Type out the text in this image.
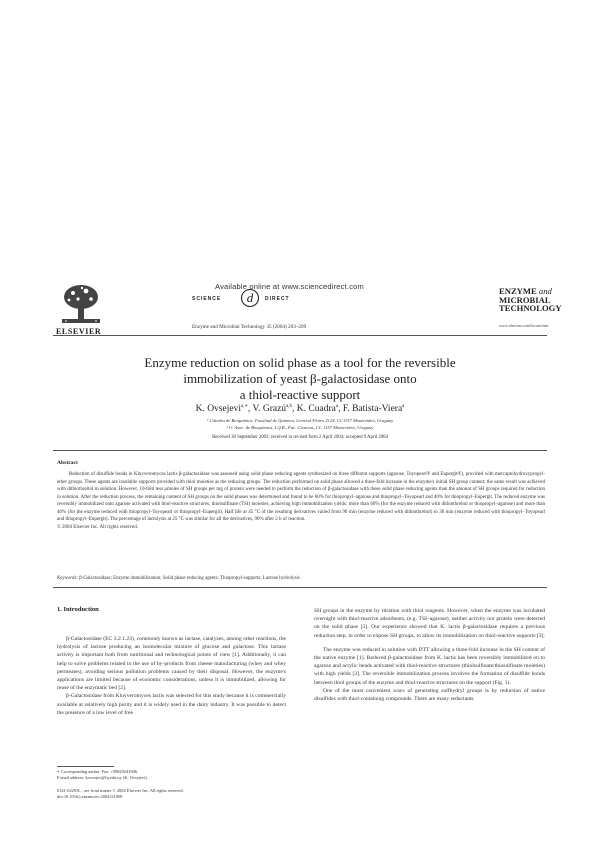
Available online at www.sciencedirect.com
SCIENCE d DIRECT
ELSEVIER	Enzyme and Microbial Technology 35 (2004) 203–209
ENZYME and
MICROBIAL
TECHNOLOGY
www.elsevier.com/locate/emt
Enzyme reduction on solid phase as a tool for the reversible
immobilization of yeast β-galactosidase onto
a thiol-reactive support
K. Ovsejevi$^{a,∗}$, V. Grazú$^{a,b}$, K. Cuadra$^a$, F. Batista-Viera$^a$
ᵃ Cátedra de Bioquímica, Facultad de Química, General Flores 2124, CC1157 Montevideo, Uruguay
ᵇ U. Asoc. de Bioquímica, I.Q.B., Fac. Ciencias, CC 1157 Montevideo, Uruguay
Received 30 September 2003; received in revised form 2 April 2004; accepted 9 April 2004
Abstract

Reduction of disulfide bonds in Kluyveromyces lactis β-galactosidase was assessed using solid phase reducing agents synthesized on three different supports (agarose, Toyopearl® and Eupergit®), provided with mercaptohydroxypropyl-ether groups. These agents are insoluble supports provided with thiol moieties as the reducing groups. The reduction performed on solid phase allowed a three-fold increase in the enzyme's initial SH group content; the same result was achieved with dithiothreitol in solution. However, 10-fold less μmoles of SH groups per mg of protein were needed to perform the reduction of β-galactosidase with these solid phase reducing agents than the amount of SH groups required for reduction in solution. After the reduction process, the remaining content of SH groups on the solid phases was determined and found to be 60% for thiopropyl–agarose and thiopropyl–Toyopearl and 40% for thiopropyl–Eupergit. The reduced enzyme was reversibly immobilized onto agarose activated with thiol-reactive structures, thiolsulfinate (TSI) moieties, achieving high immobilization yields: more than 60% (for the enzyme reduced with dithiothreitol or thiopropyl–agarose) and more than 40% (for the enzyme reduced with thiopropyl–Toyopearl or thiopropyl–Eupergit). Half life at 45 °C of the resulting derivatives varied from 90 min (enzyme reduced with dithiothreitol) to 30 min (enzyme reduced with thiopropyl–Toyopearl and thiopropyl–Eupergit). The percentage of lactolysis at 25 °C was similar for all the derivatives, 90% after 2 h of reaction.

© 2004 Elsevier Inc. All rights reserved.
Keywords: β-Galactosidase; Enzyme immobilization; Solid phase reducing agents; Thiopropyl-supports; Lactose hydrolysis
1. Introduction

β-Galactosidase (EC 3.2.1.23), commonly known as lactase, catalyzes, among other reactions, the hydrolysis of lactose producing an isomolecular mixture of glucose and galactose. This lactase activity is important both from nutritional and technological points of view [1]. Additionally, it can help to solve problems related to the use of by-products from cheese manufacturing (whey and whey permeates), avoiding serious pollution problems caused by their disposal. However, the enzyme's applications are limited because of economic considerations, unless it is immobilized, allowing for reuse of the enzymatic bed [2].

β-Galactosidase from Kluyveromyces lactis was selected for this study because it is commercially available at relatively high purity and it is widely used in the dairy industry. It was possible to detect the presence of a low level of free

SH groups in the enzyme by titration with thiol reagents. However, when the enzyme was incubated overnight with thiol-reactive adsorbents, (e.g. TSI–agarose), neither activity nor protein were detected on the solid phase [3]. Our experience showed that K. lactis β-galactosidase requires a previous reduction step, in order to expose SH groups, to allow its immobilization on thiol-reactive supports [3].

The enzyme was reduced in solution with DTT allowing a three-fold increase in the SH content of the native enzyme [1]. Reduced β-galactosidase from K. lactis has been reversibly immobilized on to agarose and acrylic beads activated with thiol-reactive structures (thiolsulfinate/thiosulfinate moieties) with high yields [3]. The reversible immobilization process involves the formation of disulfide bonds between thiol groups of the enzyme and thiol-reactive structures on the support (Fig. 1).

One of the most convenient ways of generating sulfhydryl groups is by reduction of native disulfides with thiol-containing compounds. There are many reductants

∗ Corresponding author. Fax: +598292419​06.
E-mail address: kovsejev@fq.edu.uy (K. Ovsejevi).
0141-0229/$ – see front matter © 2004 Elsevier Inc. All rights reserved.
doi:10.1016/j.enzmictec.2004.04.008
